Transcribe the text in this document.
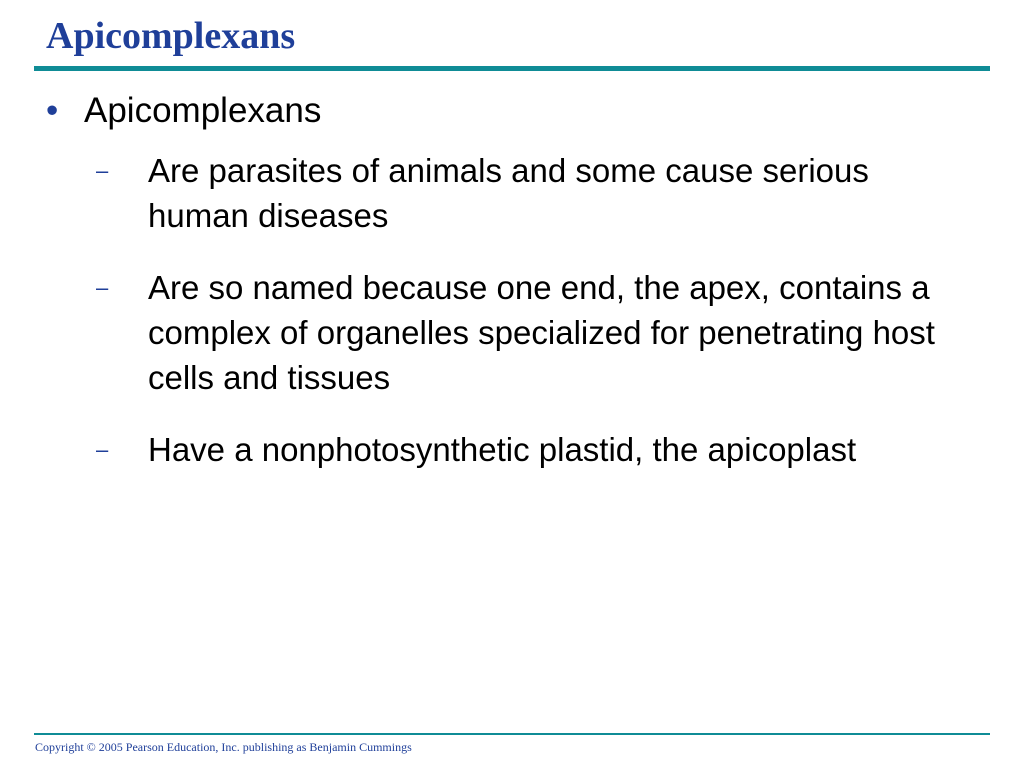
Apicomplexans
• Apicomplexans
–	Are parasites of animals and some cause serious human diseases
–	Are so named because one end, the apex, contains a complex of organelles specialized for penetrating host cells and tissues
–	Have a nonphotosynthetic plastid, the apicoplast
Copyright © 2005 Pearson Education, Inc. publishing as Benjamin Cummings
